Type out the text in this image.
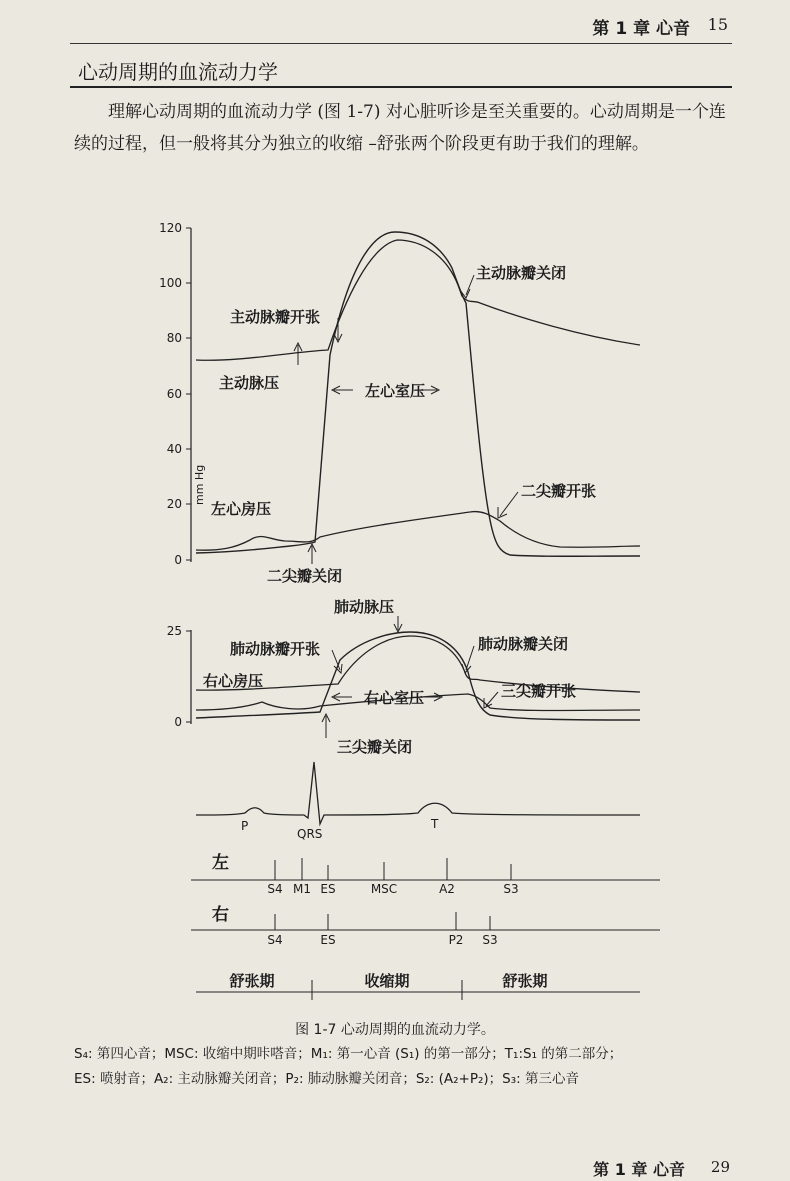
第 1 章 心音 15
心动周期的血流动力学

理解心动周期的血流动力学 (图 1-7) 对心脏听诊是至关重要的。心动周期是一个连续的过程，但一般将其分为独立的收缩 –舒张两个阶段更有助于我们的理解。

120
100
80
60
40
20
0
mm Hg
主动脉瓣关闭
主动脉瓣开张
主动脉压	左心室压
左心房压
二尖瓣开张
二尖瓣关闭
25
0
肺动脉压
肺动脉瓣开张	肺动脉瓣关闭
右心房压
右心室压	三尖瓣开张
三尖瓣关闭
P
QRS
T
左
右
S4 M1 ES	MSC	A2	S3
S4	ES	P2 S3
舒张期	收缩期	舒张期
图 1-7 心动周期的血流动力学。
S₄: 第四心音；MSC: 收缩中期咔嗒音；M₁: 第一心音 (S₁) 的第一部分；T₁:S₁ 的第二部分；
ES: 喷射音；A₂: 主动脉瓣关闭音；P₂: 肺动脉瓣关闭音；S₂: (A₂+P₂)；S₃: 第三心音
第 1 章 心音 29
